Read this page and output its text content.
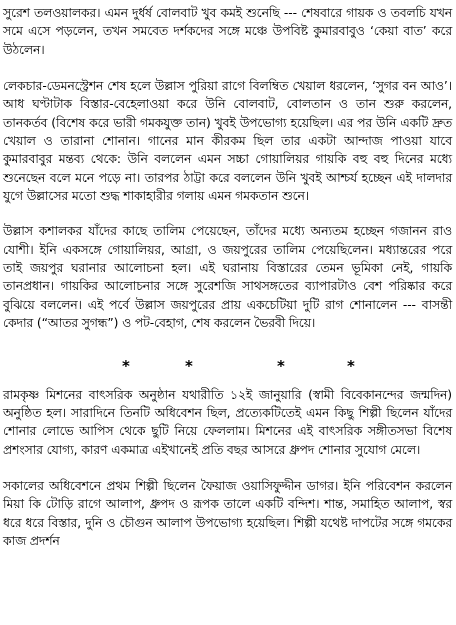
সুরেশ তলওয়ালকর। এমন দুর্ধর্ষ বোলবাট খুব কমই শুনেছি --- শেষবারে গায়ক ও তবলচি যখন সমে এসে পড়লেন, তখন সমবেত দর্শকদের সঙ্গে মঞ্চে উপবিষ্ট কুমারবাবুও ‘কেয়া বাত’ করে উঠলেন।

লেকচার-ডেমনস্ট্রেশন শেষ হলে উল্লাস পুরিয়া রাগে বিলম্বিত খেয়াল ধরলেন, ‘সুগর বন আও’। আধ ঘণ্টাটাক বিস্তার-বেহেলাওয়া করে উনি বোলবাট, বোলতান ও তান শুরু করলেন, তানকর্তব (বিশেষ করে ভারী গমকযুক্ত তান) খুবই উপভোগ্য হয়েছিল। এর পর উনি একটি দ্রুত খেয়াল ও তারানা শোনান। গানের মান কীরকম ছিল তার একটা আন্দাজ পাওয়া যাবে কুমারবাবুর মন্তব্য থেকে: উনি বললেন এমন সচ্চা গোয়ালিয়র গায়কি বহু বহু দিনের মধ্যে শুনেছেন বলে মনে পড়ে না। তারপর ঠাট্টা করে বললেন উনি খুবই আশ্চর্য হচ্ছেন এই দালদার যুগে উল্লাসের মতো শুদ্ধ শাকাহারীর গলায় এমন গমকতান শুনে।

উল্লাস কশালকর যাঁদের কাছে তালিম পেয়েছেন, তাঁদের মধ্যে অন্যতম হচ্ছেন গজানন রাও যোশী। ইনি একসঙ্গে গোয়ালিয়র, আগ্রা, ও জয়পুরের তালিম পেয়েছিলেন। মধ্যান্তরের পরে তাই জয়পুর ঘরানার আলোচনা হল। এই ঘরানায় বিস্তারের তেমন ভূমিকা নেই, গায়কি তানপ্রধান। গায়কির আলোচনার সঙ্গে সুরেশজি সাথসঙ্গতের ব্যাপারটাও বেশ পরিষ্কার করে বুঝিয়ে বললেন। এই পর্বে উল্লাস জয়পুরের প্রায় একচেটিয়া দুটি রাগ শোনালেন --- বাসন্তী কেদার (“আতর সুগন্ধ”) ও পট-বেহাগ, শেষ করলেন ভৈরবী দিয়ে।

*	*	*	*

রামকৃষ্ণ মিশনের বাৎসরিক অনুষ্ঠান যথারীতি ১২ই জানুয়ারি (স্বামী বিবেকানন্দের জন্মদিন) অনুষ্ঠিত হল। সারাদিনে তিনটি অধিবেশন ছিল, প্রত্যেকটিতেই এমন কিছু শিল্পী ছিলেন যাঁদের শোনার লোভে আপিস থেকে ছুটি নিয়ে ফেললাম। মিশনের এই বাৎসরিক সঙ্গীতসভা বিশেষ প্রশংসার যোগ্য, কারণ একমাত্র এইখানেই প্রতি বছর আসরে ধ্রুপদ শোনার সুযোগ মেলে।

সকালের অধিবেশনে প্রথম শিল্পী ছিলেন ফৈয়াজ ওয়াসিফুদ্দীন ডাগর। ইনি পরিবেশন করলেন মিয়া কি টোড়ি রাগে আলাপ, ধ্রুপদ ও রূপক তালে একটি বন্দিশ। শান্ত, সমাহিত আলাপ, স্বর ধরে ধরে বিস্তার, দুনি ও চৌগুন আলাপ উপভোগ্য হয়েছিল। শিল্পী যথেষ্ট দাপটের সঙ্গে গমকের কাজ প্রদর্শন
